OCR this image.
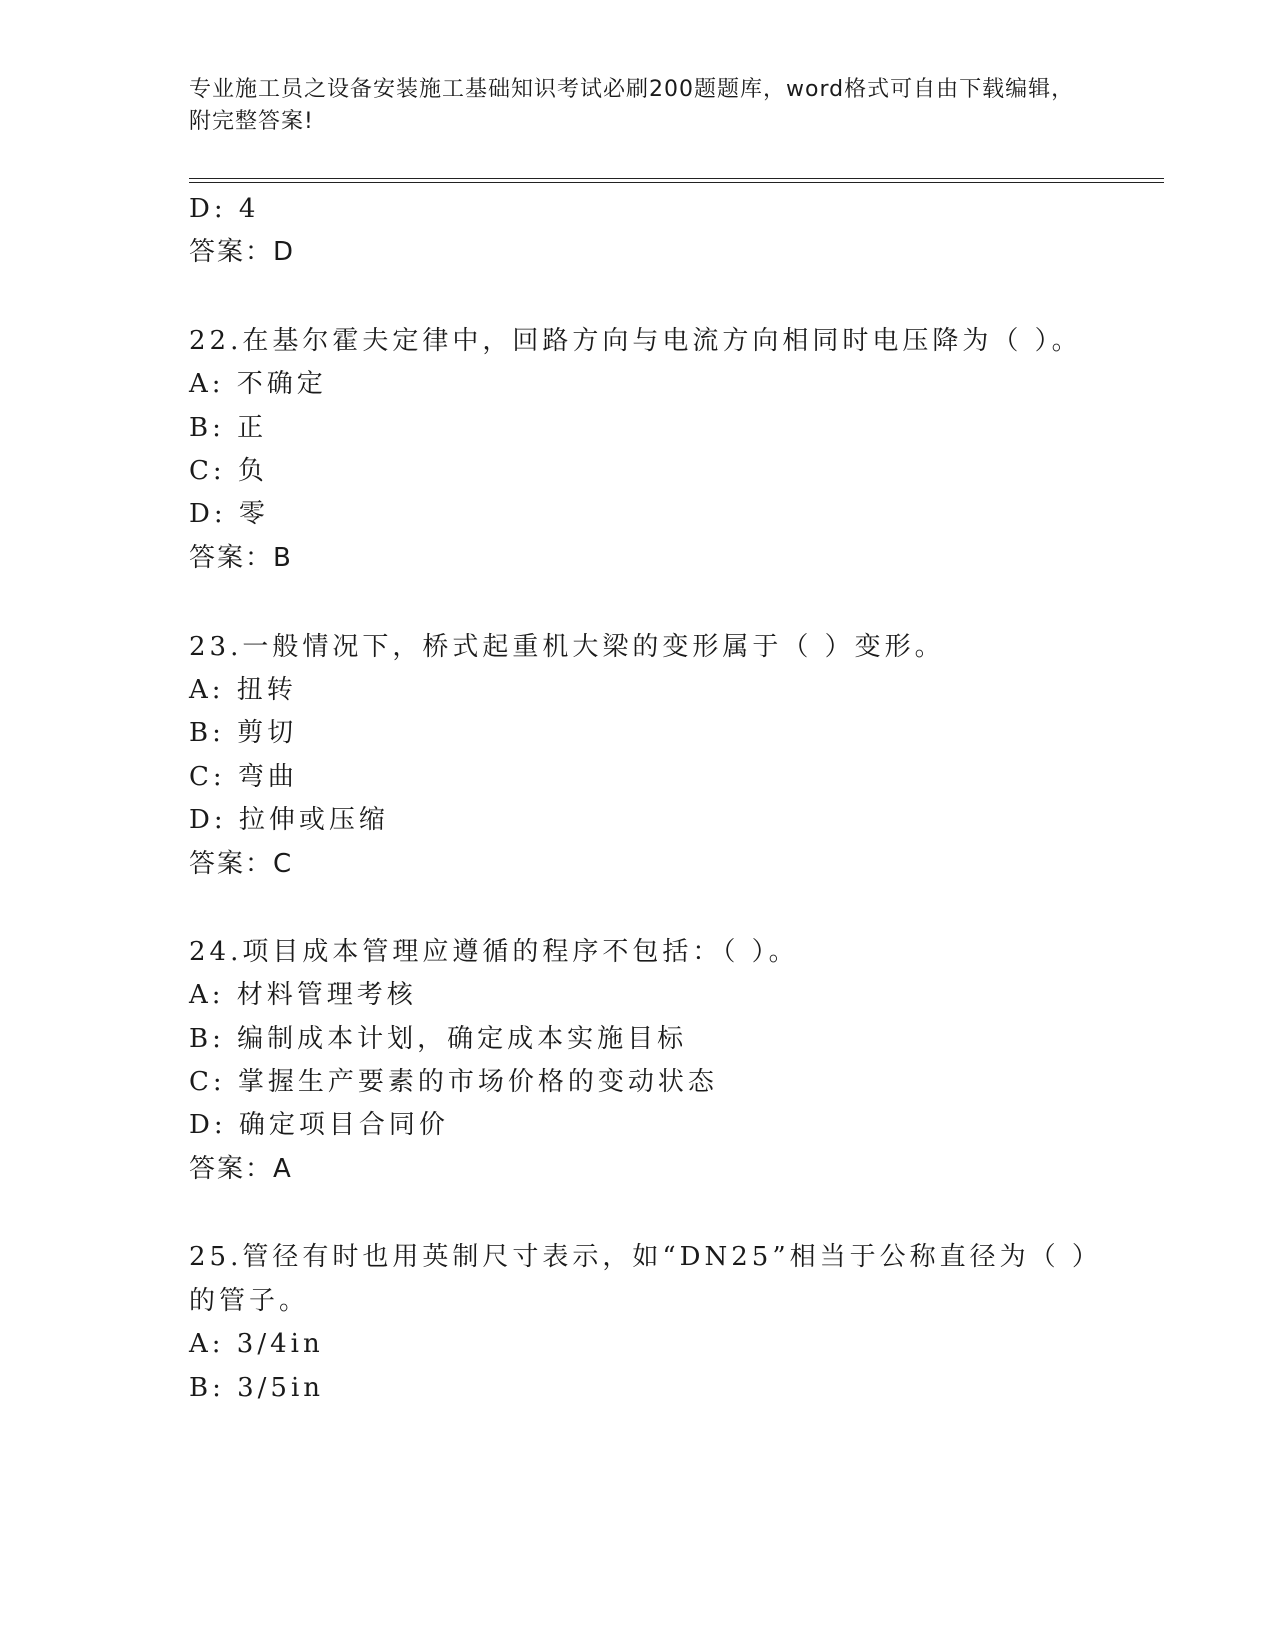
专业施工员之设备安装施工基础知识考试必刷200题题库，word格式可自由下载编辑，附完整答案!
D: 4
答案：D
22.在基尔霍夫定律中，回路方向与电流方向相同时电压降为（ ）。
A: 不确定
B: 正
C: 负
D: 零
答案：B
23.一般情况下，桥式起重机大梁的变形属于（ ）变形。
A: 扭转
B: 剪切
C: 弯曲
D: 拉伸或压缩
答案：C
24.项目成本管理应遵循的程序不包括：（ ）。
A: 材料管理考核
B: 编制成本计划，确定成本实施目标
C: 掌握生产要素的市场价格的变动状态
D: 确定项目合同价
答案：A
25.管径有时也用英制尺寸表示，如“DN25”相当于公称直径为（ ）
的管子。
A: 3/4in
B: 3/5in
